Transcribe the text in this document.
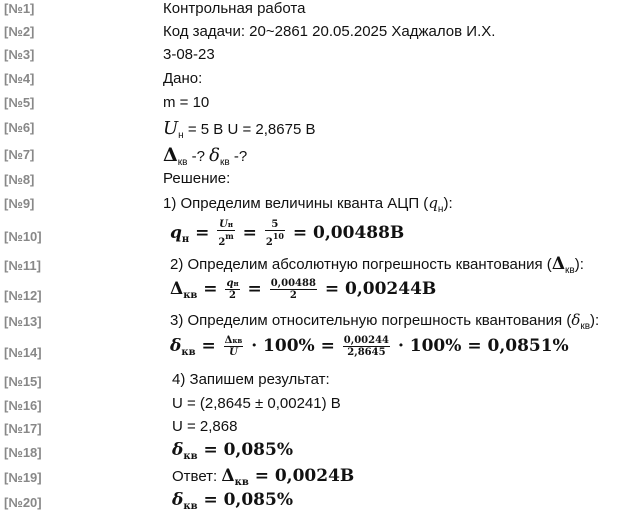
[№1]	Контрольная работа
[№2]	Код задачи: 20~2861 20.05.2025 Хаджалов И.Х.
[№3]	3-08-23
[№4]	Дано:
[№5]	m = 10
[№6]	$U_н = 5$ В U = 2,8675 В
[№7]	$\Delta_{кв}$ -? $\delta_{кв}$ -?
[№8]	Решение:
[№9]	1) Определим величины кванта АЦП $(q_н)$:
[№10]	$q_н = \frac{Uн}{2^m} = \frac{5}{2^{10}} = 0,00488В$
[№11]	2) Определим абсолютную погрешность квантования $(\Delta_{кв})$:
[№12]	$\Delta_{кв} = \frac{qн}{2} = \frac{0,00488}{2} = 0,00244В$
[№13]	3) Определим относительную погрешность квантования $(\delta_{кв})$:
[№14]	$\delta_{кв} = \frac{\text{Δкв}}{U} \cdot 100\% = \frac{0,00244}{2,8645} \cdot 100\% = 0,0851\%$
[№15]	4) Запишем результат:
[№16]	U = (2,8645 ± 0,00241) В
[№17]	U = 2,868
[№18]	$\delta_{кв} = 0,085\%$
[№19]	Ответ: $\Delta_{кв} = 0,0024В$
[№20]	$\delta_{кв} = 0,085\%$
